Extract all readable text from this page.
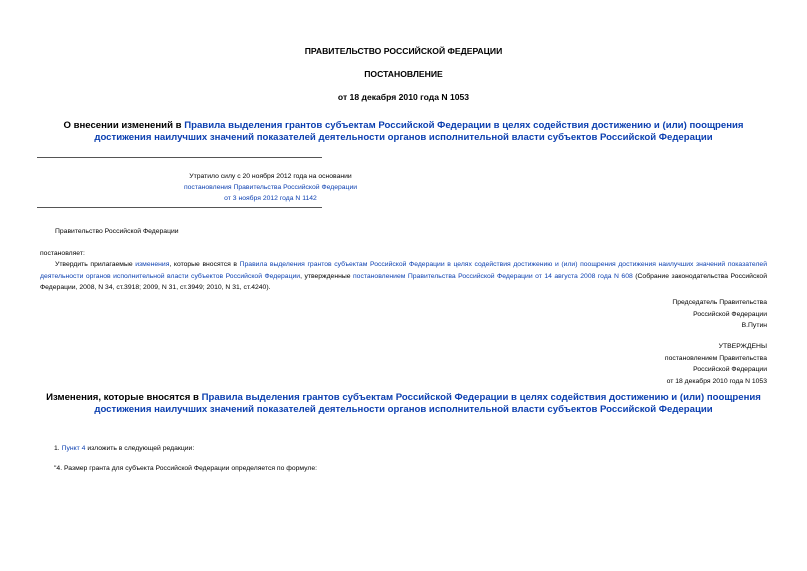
ПРАВИТЕЛЬСТВО РОССИЙСКОЙ ФЕДЕРАЦИИ
ПОСТАНОВЛЕНИЕ
от 18 декабря 2010 года N 1053
О внесении изменений в Правила выделения грантов субъектам Российской Федерации в целях содействия достижению и (или) поощрения достижения наилучших значений показателей деятельности органов исполнительной власти субъектов Российской Федерации
Утратило силу с 20 ноября 2012 года на основании
постановления Правительства Российской Федерации
от 3 ноября 2012 года N 1142
Правительство Российской Федерации
постановляет:
Утвердить прилагаемые изменения, которые вносятся в Правила выделения грантов субъектам Российской Федерации в целях содействия достижению и (или) поощрения достижения наилучших значений показателей деятельности органов исполнительной власти субъектов Российской Федерации, утвержденные постановлением Правительства Российской Федерации от 14 августа 2008 года N 608 (Собрание законодательства Российской Федерации, 2008, N 34, ст.3918; 2009, N 31, ст.3949; 2010, N 31, ст.4240).
Председатель Правительства
Российской Федерации
В.Путин
УТВЕРЖДЕНЫ
постановлением Правительства
Российской Федерации
от 18 декабря 2010 года N 1053
Изменения, которые вносятся в Правила выделения грантов субъектам Российской Федерации в целях содействия достижению и (или) поощрения достижения наилучших значений показателей деятельности органов исполнительной власти субъектов Российской Федерации
1. Пункт 4 изложить в следующей редакции:
"4. Размер гранта для субъекта Российской Федерации определяется по формуле:
